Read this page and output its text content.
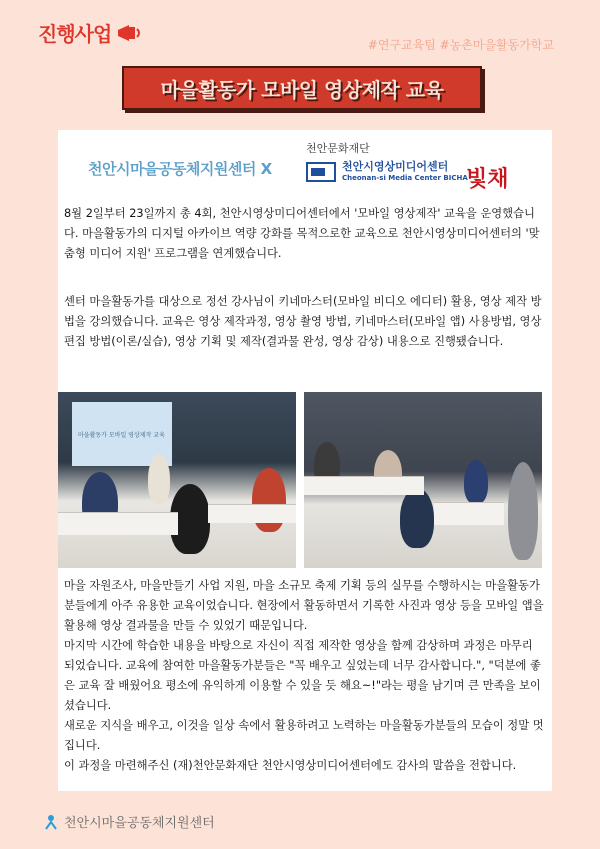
진행사업	#연구교육팀 #농촌마을활동가학교
마을활동가 모바일 영상제작 교육
천안시마을공동체지원센터 X
천안문화재단
천안시영상미디어센터
Cheonan-si Media Center BICHA
빛채
8월 2일부터 23일까지 총 4회, 천안시영상미디어센터에서 '모바일 영상제작' 교육을 운영했습니다. 마을활동가의 디지털 아카이브 역량 강화를 목적으로한 교육으로 천안시영상미디어센터의 '맞춤형 미디어 지원' 프로그램을 연계했습니다.
센터 마을활동가를 대상으로 정선 강사님이 키네마스터(모바일 비디오 에디터) 활용, 영상 제작 방법을 강의했습니다. 교육은 영상 제작과정, 영상 촬영 방법, 키네마스터(모바일 앱) 사용방법, 영상 편집 방법(이론/실습), 영상 기획 및 제작(결과물 완성, 영상 감상) 내용으로 진행됐습니다.
마을활동가 모바일 영상제작 교육
마을 자원조사, 마을만들기 사업 지원, 마을 소규모 축제 기획 등의 실무를 수행하시는 마을활동가분들에게 아주 유용한 교육이었습니다. 현장에서 활동하면서 기록한 사진과 영상 등을 모바일 앱을 활용해 영상 결과물을 만들 수 있었기 때문입니다.
마지막 시간에 학습한 내용을 바탕으로 자신이 직접 제작한 영상을 함께 감상하며 과정은 마무리 되었습니다. 교육에 참여한 마을활동가분들은 "꼭 배우고 싶었는데 너무 감사합니다.", "덕분에 좋은 교육 잘 배웠어요 평소에 유익하게 이용할 수 있을 듯 해요~!"라는 평을 남기며 큰 만족을 보이셨습니다.
새로운 지식을 배우고, 이것을 일상 속에서 활용하려고 노력하는 마을활동가분들의 모습이 정말 멋집니다.
이 과정을 마련해주신 (재)천안문화재단 천안시영상미디어센터에도 감사의 말씀을 전합니다.
천안시마을공동체지원센터
